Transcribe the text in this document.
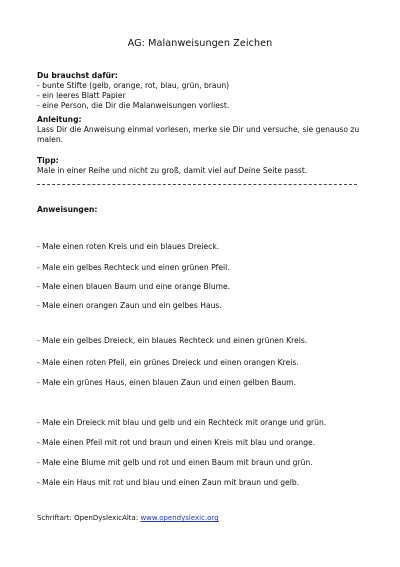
AG: Malanweisungen Zeichen
Du brauchst dafür:
- bunte Stifte (gelb, orange, rot, blau, grün, braun)
- ein leeres Blatt Papier
- eine Person, die Dir die Malanweisungen vorliest.
Anleitung:
Lass Dir die Anweisung einmal vorlesen, merke sie Dir und versuche, sie genauso zu malen.
Tipp:
Male in einer Reihe und nicht zu groß, damit viel auf Deine Seite passt.
Anweisungen:
- Male einen roten Kreis und ein blaues Dreieck.
- Male ein gelbes Rechteck und einen grünen Pfeil.
- Male einen blauen Baum und eine orange Blume.
- Male einen orangen Zaun und ein gelbes Haus.
- Male ein gelbes Dreieck, ein blaues Rechteck und einen grünen Kreis.
- Male einen roten Pfeil, ein grünes Dreieck und einen orangen Kreis.
- Male ein grünes Haus, einen blauen Zaun und einen gelben Baum.
- Male ein Dreieck mit blau und gelb und ein Rechteck mit orange und grün.
- Male einen Pfeil mit rot und braun und einen Kreis mit blau und orange.
- Male eine Blume mit gelb und rot und einen Baum mit braun und grün.
- Male ein Haus mit rot und blau und einen Zaun mit braun und gelb.
Schriftart: OpenDyslexicAlta: www.opendyslexic.org
